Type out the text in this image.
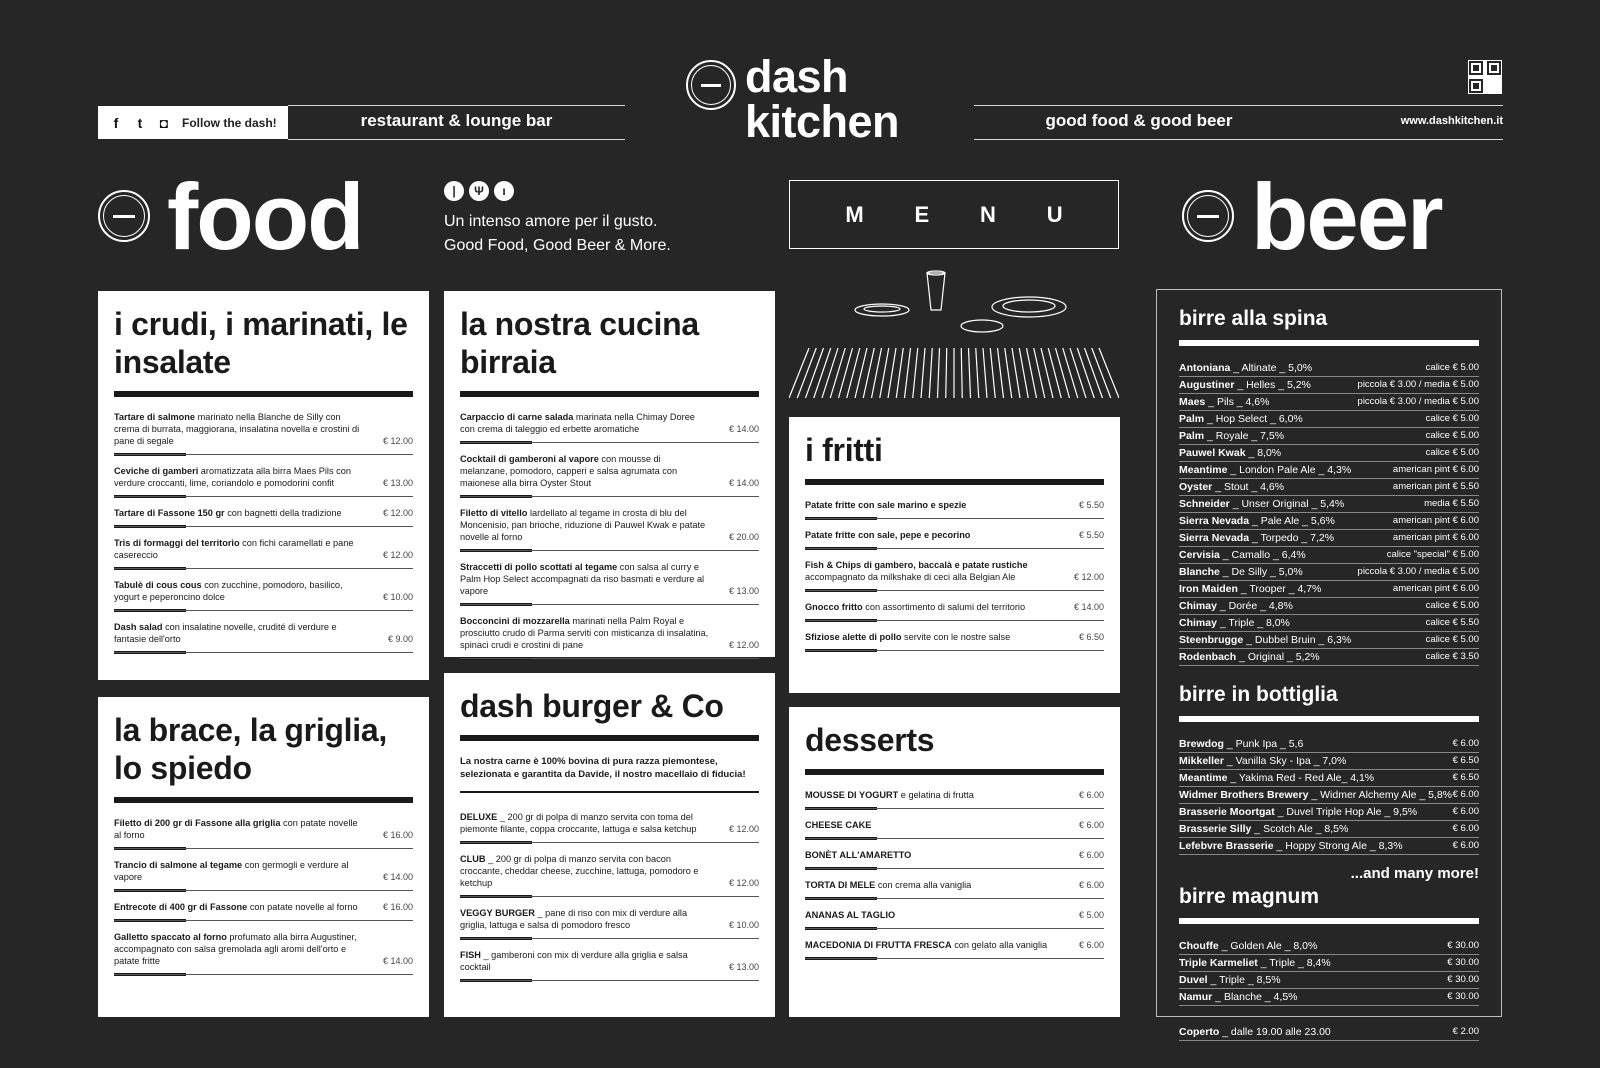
f t ◘ Follow the dash!	restaurant & lounge bar
dash
kitchen	good food & good beer	www.dashkitchen.it
food	| Ψ ı
Un intenso amore per il gusto.
Good Food, Good Beer & More.
M E N U beer
i crudi, i marinati, le insalate
Tartare di salmone marinato nella Blanche de Silly con crema di burrata, maggiorana, insalatina novella e crostini di pane di segale	€ 12.00
Ceviche di gamberi aromatizzata alla birra Maes Pils con verdure croccanti, lime, coriandolo e pomodorini confit	€ 13.00
Tartare di Fassone 150 gr con bagnetti della tradizione	€ 12.00
Tris di formaggi del territorio con fichi caramellati e pane casereccio	€ 12.00
Tabulè di cous cous con zucchine, pomodoro, basilico, yogurt e peperoncino dolce	€ 10.00
Dash salad con insalatine novelle, crudité di verdure e fantasie dell'orto	€ 9.00
la brace, la griglia, lo spiedo
Filetto di 200 gr di Fassone alla griglia con patate novelle al forno	€ 16.00
Trancio di salmone al tegame con germogli e verdure al vapore	€ 14.00
Entrecote di 400 gr di Fassone con patate novelle al forno	€ 16.00
Galletto spaccato al forno profumato alla birra Augustiner, accompagnato con salsa gremolada agli aromi dell'orto e patate fritte	€ 14.00
la nostra cucina birraia
Carpaccio di carne salada marinata nella Chimay Doree con crema di taleggio ed erbette aromatiche	€ 14.00
Cocktail di gamberoni al vapore con mousse di melanzane, pomodoro, capperi e salsa agrumata con maionese alla birra Oyster Stout	€ 14.00
Filetto di vitello lardellato al tegame in crosta di blu del Moncenisio, pan brioche, riduzione di Pauwel Kwak e patate novelle al forno	€ 20.00
Straccetti di pollo scottati al tegame con salsa al curry e Palm Hop Select accompagnati da riso basmati e verdure al vapore	€ 13.00
Bocconcini di mozzarella marinati nella Palm Royal e prosciutto crudo di Parma serviti con misticanza di insalatina, spinaci crudi e crostini di pane	€ 12.00
dash burger & Co
La nostra carne è 100% bovina di pura razza piemontese, selezionata e garantita da Davide, il nostro macellaio di fiducia!
DELUXE _ 200 gr di polpa di manzo servita con toma del piemonte filante, coppa croccante, lattuga e salsa ketchup	€ 12.00
CLUB _ 200 gr di polpa di manzo servita con bacon croccante, cheddar cheese, zucchine, lattuga, pomodoro e ketchup	€ 12.00
VEGGY BURGER _ pane di riso con mix di verdure alla griglia, lattuga e salsa di pomodoro fresco	€ 10.00
FISH _ gamberoni con mix di verdure alla griglia e salsa cocktail	€ 13.00
i fritti
Patate fritte con sale marino e spezie	€ 5.50
Patate fritte con sale, pepe e pecorino	€ 5.50
Fish & Chips di gambero, baccalà e patate rustiche accompagnato da milkshake di ceci alla Belgian Ale	€ 12.00
Gnocco fritto con assortimento di salumi del territorio	€ 14.00
Sfiziose alette di pollo servite con le nostre salse	€ 6.50
desserts
MOUSSE DI YOGURT e gelatina di frutta	€ 6.00
CHEESE CAKE	€ 6.00
BONÈT ALL'AMARETTO	€ 6.00
TORTA DI MELE con crema alla vaniglia	€ 6.00
ANANAS AL TAGLIO	€ 5.00
MACEDONIA DI FRUTTA FRESCA con gelato alla vaniglia	€ 6.00
birre alla spina
Antoniana _ Altinate _ 5,0%	calice € 5.00
Augustiner _ Helles _ 5,2%	piccola € 3.00 / media € 5.00
Maes _ Pils _ 4,6%	piccola € 3.00 / media € 5.00
Palm _ Hop Select _ 6,0%	calice € 5.00
Palm _ Royale _ 7,5%	calice € 5.00
Pauwel Kwak _ 8,0%	calice € 5.00
Meantime _ London Pale Ale _ 4,3%	american pint € 6.00
Oyster _ Stout _ 4,6%	american pint € 5.50
Schneider _ Unser Original _ 5,4%	media € 5.50
Sierra Nevada _ Pale Ale _ 5,6%	american pint € 6.00
Sierra Nevada _ Torpedo _ 7,2%	american pint € 6.00
Cervisia _ Camallo _ 6,4%	calice "special" € 5.00
Blanche _ De Silly _ 5,0%	piccola € 3.00 / media € 5.00
Iron Maiden _ Trooper _ 4,7%	american pint € 6.00
Chimay _ Dorée _ 4,8%	calice € 5.00
Chimay _ Triple _ 8,0%	calice € 5.50
Steenbrugge _ Dubbel Bruin _ 6,3%	calice € 5.00
Rodenbach _ Original _ 5,2%	calice € 3.50
birre in bottiglia
Brewdog _ Punk Ipa _ 5,6	€ 6.00
Mikkeller _ Vanilla Sky - Ipa _ 7,0%	€ 6.50
Meantime _ Yakima Red - Red Ale_ 4,1%	€ 6.50
Widmer Brothers Brewery _ Widmer Alchemy Ale _ 5,8% € 6.00
Brasserie Moortgat _ Duvel Triple Hop Ale _ 9,5%	€ 6.00
Brasserie Silly _ Scotch Ale _ 8,5%	€ 6.00
Lefebvre Brasserie _ Hoppy Strong Ale _ 8,3%	€ 6.00
...and many more!
birre magnum
Chouffe _ Golden Ale _ 8,0%	€ 30.00
Triple Karmeliet _ Triple _ 8,4%	€ 30.00
Duvel _ Triple _ 8,5%	€ 30.00
Namur _ Blanche _ 4,5%	€ 30.00
Coperto _ dalle 19.00 alle 23.00	€ 2.00
